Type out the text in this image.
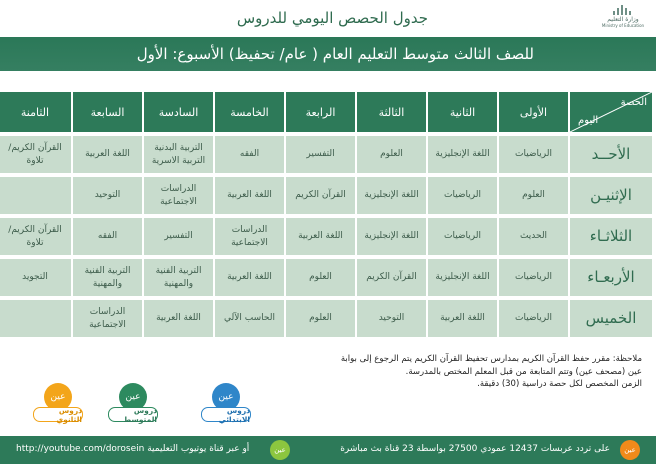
جدول الحصص اليومي للدروس	وزارة التعليم
Ministry of Education
للصف الثالث متوسط التعليم العام ( عام/ تحفيظ) الأسبوع: الأول
الحصة
اليوم
الأولى
الثانية
الثالثة
الرابعة
الخامسة
السادسة
السابعة
الثامنة
الأحــد
الرياضيات
اللغة الإنجليزية
العلوم
التفسير
الفقه
التربية البدنية
التربية الاسرية
اللغة العربية
القرآن الكريم/
تلاوة
الإثنيـن
العلوم
الرياضيات
اللغة الإنجليزية
القرآن الكريم
اللغة العربية
الدراسات
الاجتماعية
التوحيد
الثلاثـاء
الحديث
الرياضيات
اللغة الإنجليزية
اللغة العربية
الدراسات
الاجتماعية
التفسير
الفقه
القرآن الكريم/
تلاوة
الأربعـاء
الرياضيات
اللغة الإنجليزية
القرآن الكريم
العلوم
اللغة العربية
التربية الفنية
والمهنية
التربية الفنية
والمهنية
التجويد
الخميس
الرياضيات
اللغة العربية
التوحيد
العلوم
الحاسب الآلي
اللغة العربية
الدراسات
الاجتماعية
ملاحظة: مقرر حفظ القرآن الكريم بمدارس تحفيظ القرآن الكريم يتم الرجوع إلى بوابة
عين (مصحف عين) وتتم المتابعة من قبل المعلم المختص بالمدرسة.
الزمن المخصص لكل حصة دراسية (30) دقيقة.
عين
دروس الثانوي
عين
دروس المتوسط
عين
دروس الابتدائي
عين
على تردد عربسات 12437 عمودي 27500 بواسطة 23 قناة بث مباشرة
عين
أو عبر قناة يوتيوب التعليمية http://youtube.com/dorosein
